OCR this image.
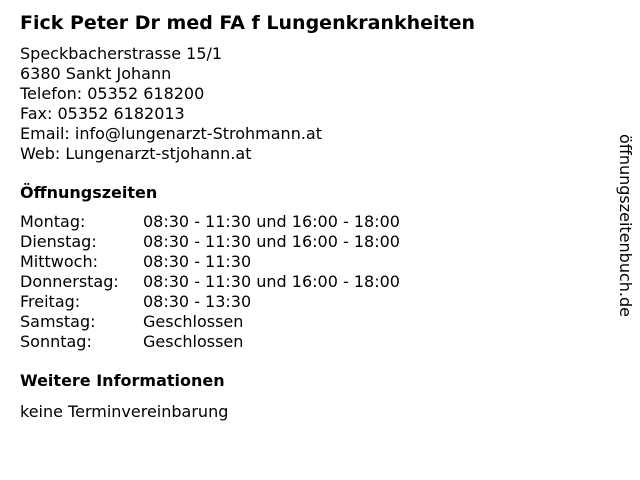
Fick Peter Dr med FA f Lungenkrankheiten
Speckbacherstrasse 15/1
6380 Sankt Johann
Telefon: 05352 618200
Fax: 05352 6182013
Email: info@lungenarzt-Strohmann.at
Web: Lungenarzt-stjohann.at
Öffnungszeiten
Montag:	08:30 - 11:30 und 16:00 - 18:00
Dienstag:	08:30 - 11:30 und 16:00 - 18:00
Mittwoch:	08:30 - 11:30
Donnerstag:	08:30 - 11:30 und 16:00 - 18:00
Freitag:	08:30 - 13:30
Samstag:	Geschlossen
Sonntag:	Geschlossen
Weitere Informationen
keine Terminvereinbarung
öffnungszeitenbuch.de
